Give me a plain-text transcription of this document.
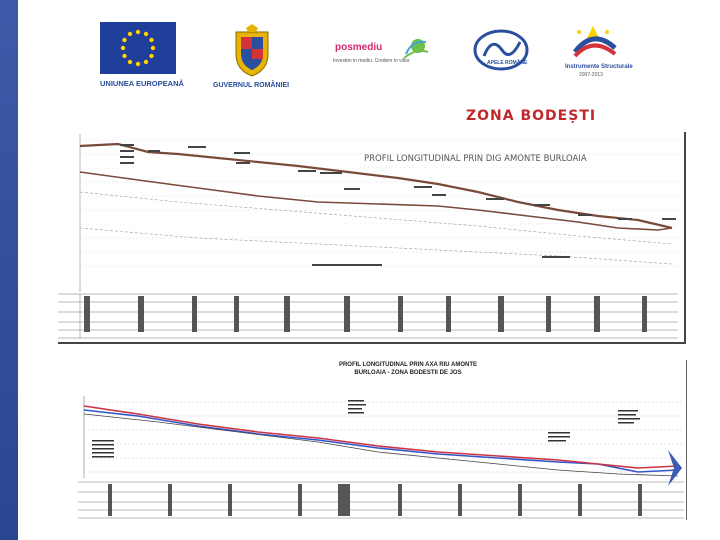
UNIUNEA EUROPEANĂ	GUVERNUL ROMÂNIEI
posmediu
Investim in mediu. Credem in viitor	APELE ROMÂNE
Instrumente Structurale
2007-2013
ZONA BODEȘTI
PROFIL LONGITUDINAL PRIN DIG AMONTE BURLOAIA
PROFIL LONGITUDINAL PRIN AXA RIU AMONTE
BURLOAIA - ZONA BODESTII DE JOS
